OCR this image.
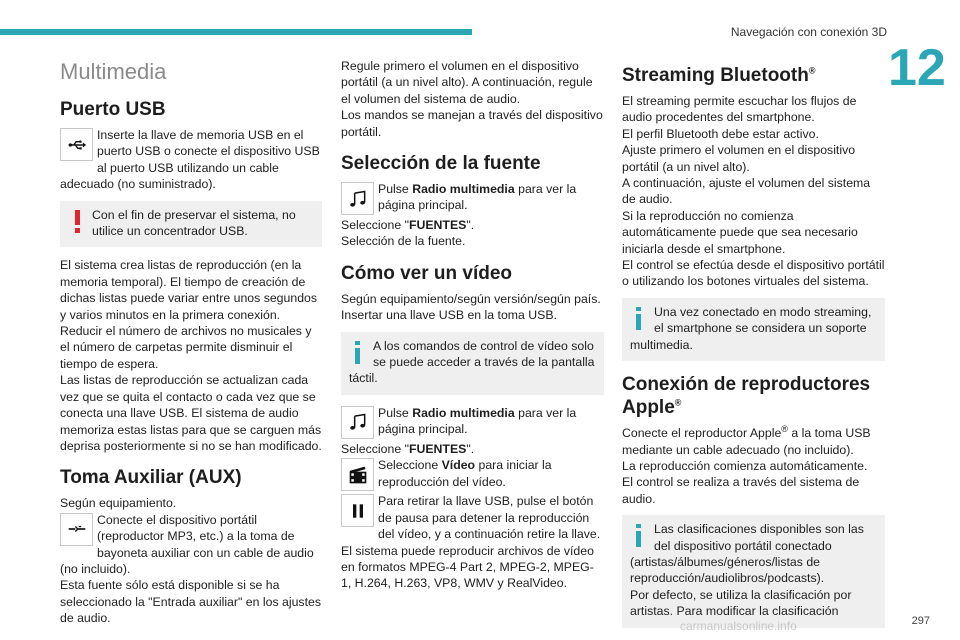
Navegación con conexión 3D
12
Multimedia
Puerto USB

Inserte la llave de memoria USB en el puerto USB o conecte el dispositivo USB al puerto USB utilizando un cable adecuado (no suministrado).

Con el fin de preservar el sistema, no utilice un concentrador USB.

El sistema crea listas de reproducción (en la memoria temporal). El tiempo de creación de dichas listas puede variar entre unos segundos y varios minutos en la primera conexión.

Reducir el número de archivos no musicales y el número de carpetas permite disminuir el tiempo de espera.

Las listas de reproducción se actualizan cada vez que se quita el contacto o cada vez que se conecta una llave USB. El sistema de audio memoriza estas listas para que se carguen más deprisa posteriormente si no se han modificado.

Toma Auxiliar (AUX)

Según equipamiento.

Conecte el dispositivo portátil (reproductor MP3, etc.) a la toma de bayoneta auxiliar con un cable de audio (no incluido).

Esta fuente sólo está disponible si se ha seleccionado la "Entrada auxiliar" en los ajustes de audio.

Regule primero el volumen en el dispositivo portátil (a un nivel alto). A continuación, regule el volumen del sistema de audio.

Los mandos se manejan a través del dispositivo portátil.

Selección de la fuente

Pulse Radio multimedia para ver la página principal.

Seleccione "FUENTES".

Selección de la fuente.

Cómo ver un vídeo

Según equipamiento/según versión/según país.

Insertar una llave USB en la toma USB.

A los comandos de control de vídeo solo se puede acceder a través de la pantalla táctil.

Pulse Radio multimedia para ver la página principal.

Seleccione "FUENTES".

Seleccione Vídeo para iniciar la reproducción del vídeo.

Para retirar la llave USB, pulse el botón de pausa para detener la reproducción del vídeo, y a continuación retire la llave.

El sistema puede reproducir archivos de vídeo en formatos MPEG-4 Part 2, MPEG-2, MPEG-1, H.264, H.263, VP8, WMV y RealVideo.

Streaming Bluetooth®

El streaming permite escuchar los flujos de audio procedentes del smartphone.

El perfil Bluetooth debe estar activo.

Ajuste primero el volumen en el dispositivo portátil (a un nivel alto).

A continuación, ajuste el volumen del sistema de audio.

Si la reproducción no comienza automáticamente puede que sea necesario iniciarla desde el smartphone.

El control se efectúa desde el dispositivo portátil o utilizando los botones virtuales del sistema.

Una vez conectado en modo streaming, el smartphone se considera un soporte multimedia.

Conexión de reproductores Apple®

Conecte el reproductor Apple® a la toma USB mediante un cable adecuado (no incluido).

La reproducción comienza automáticamente.

El control se realiza a través del sistema de audio.

Las clasificaciones disponibles son las del dispositivo portátil conectado (artistas/álbumes/géneros/listas de reproducción/audiolibros/podcasts).

Por defecto, se utiliza la clasificación por artistas. Para modificar la clasificación

297
carmanualsonline.info
